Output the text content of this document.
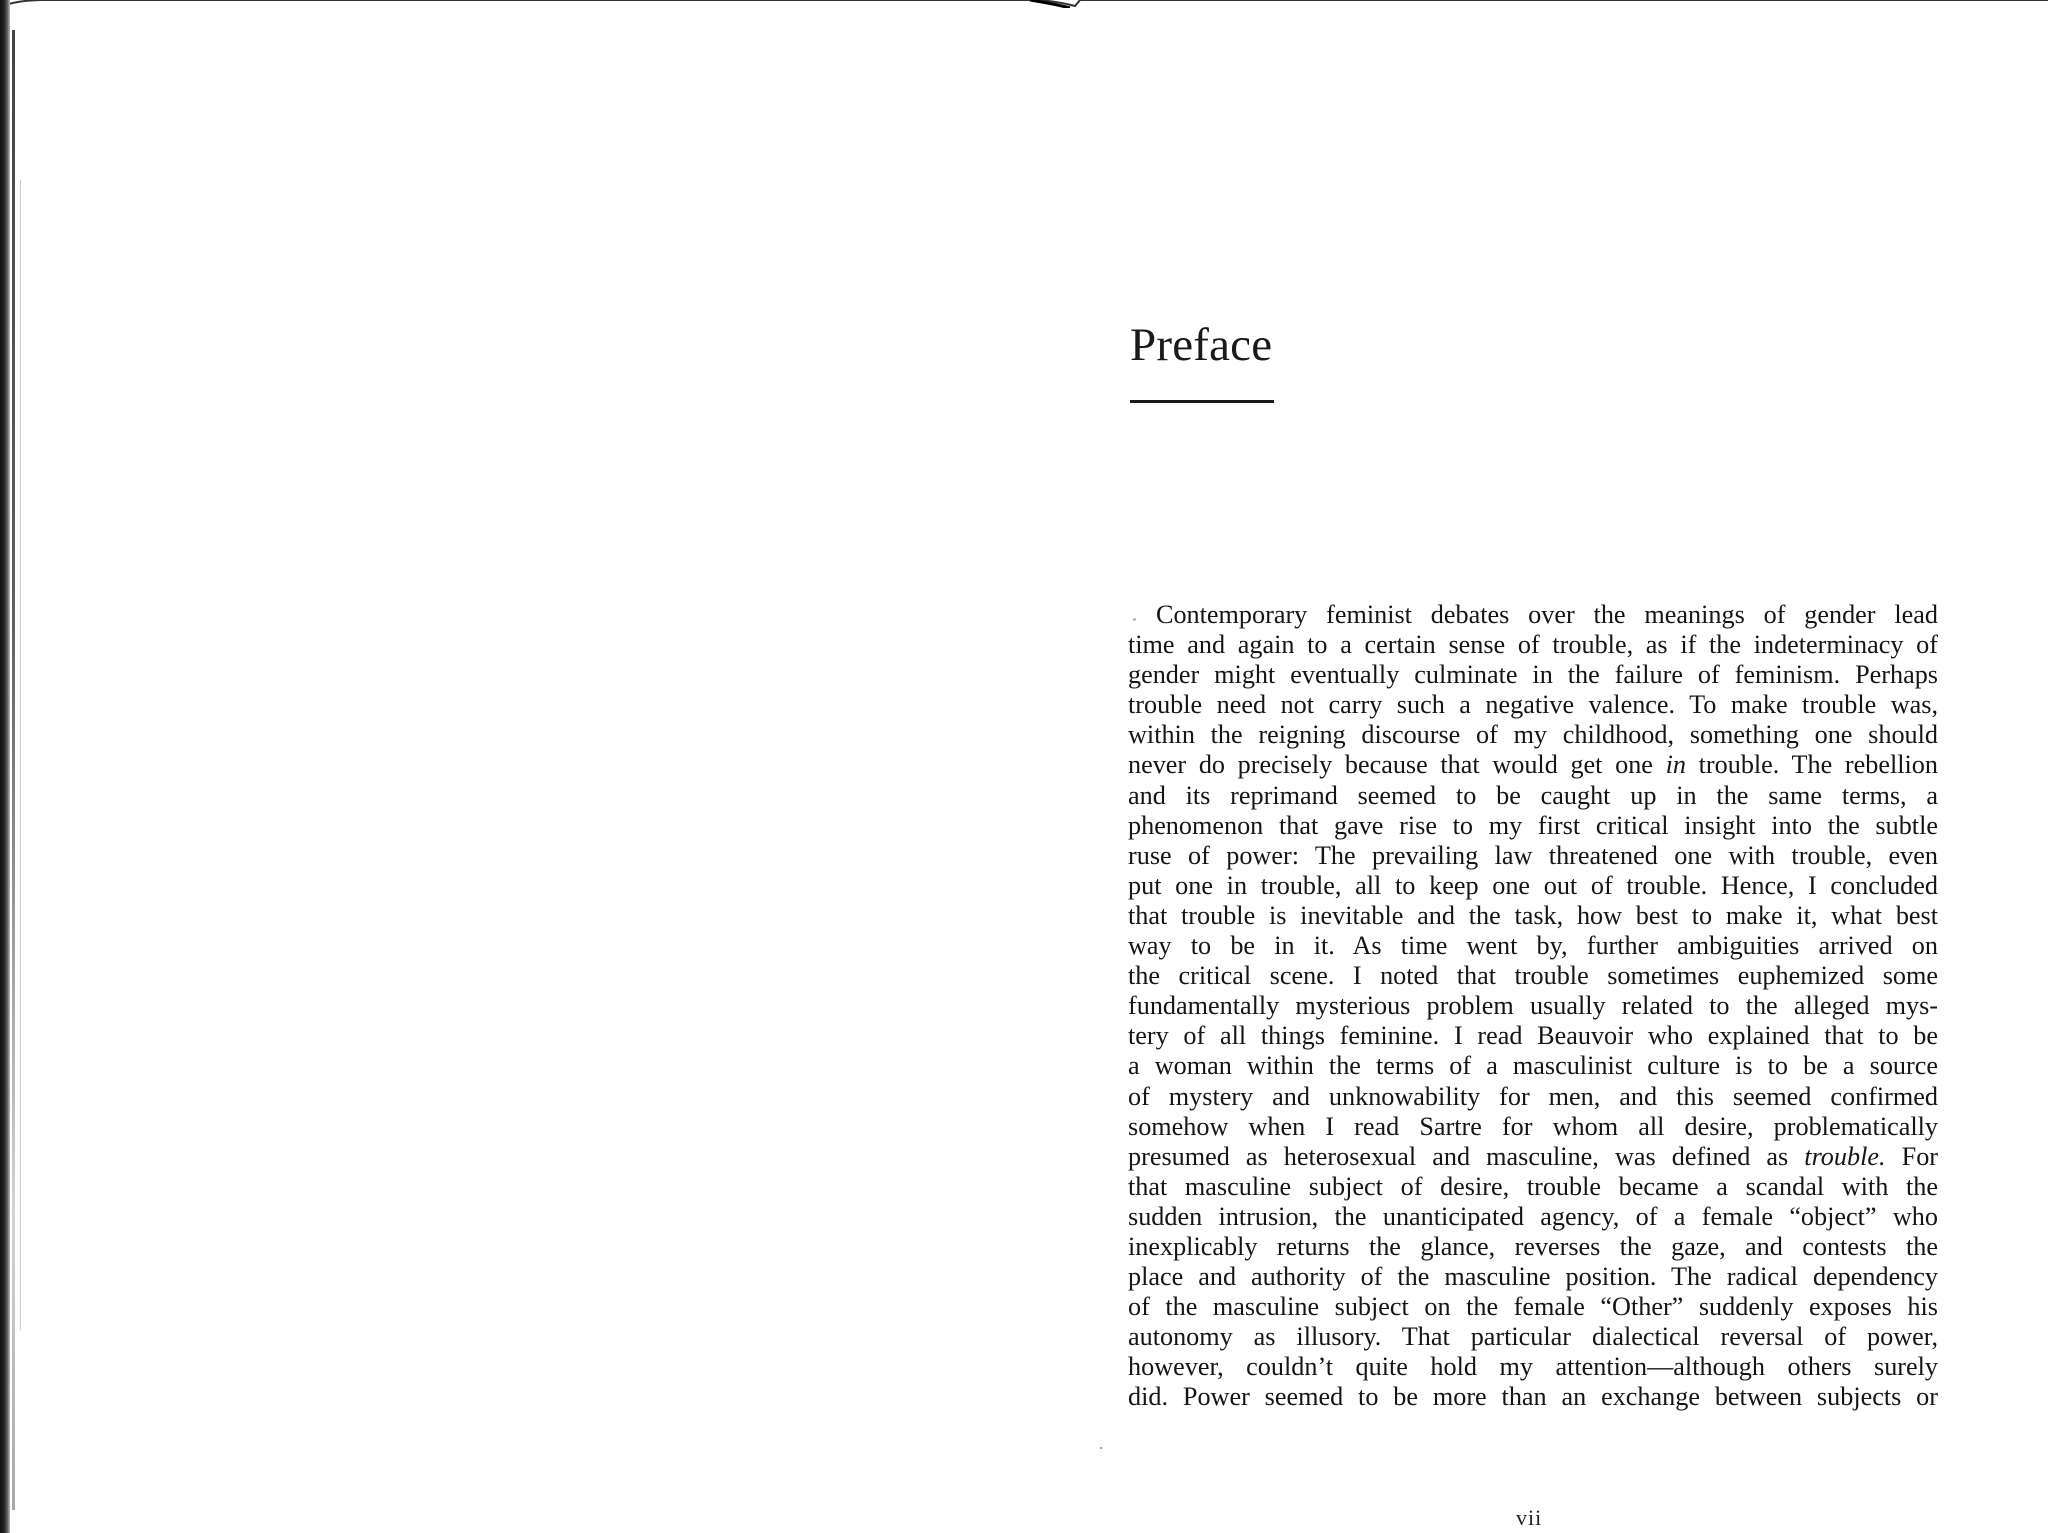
Preface
Contemporary feminist debates over the meanings of gender lead
time and again to a certain sense of trouble, as if the indeterminacy of
gender might eventually culminate in the failure of feminism. Perhaps
trouble need not carry such a negative valence. To make trouble was,
within the reigning discourse of my childhood, something one should
never do precisely because that would get one in trouble. The rebellion
and its reprimand seemed to be caught up in the same terms, a
phenomenon that gave rise to my first critical insight into the subtle
ruse of power: The prevailing law threatened one with trouble, even
put one in trouble, all to keep one out of trouble. Hence, I concluded
that trouble is inevitable and the task, how best to make it, what best
way to be in it. As time went by, further ambiguities arrived on
the critical scene. I noted that trouble sometimes euphemized some
fundamentally mysterious problem usually related to the alleged mys-
tery of all things feminine. I read Beauvoir who explained that to be
a woman within the terms of a masculinist culture is to be a source
of mystery and unknowability for men, and this seemed confirmed
somehow when I read Sartre for whom all desire, problematically
presumed as heterosexual and masculine, was defined as trouble. For
that masculine subject of desire, trouble became a scandal with the
sudden intrusion, the unanticipated agency, of a female “object” who
inexplicably returns the glance, reverses the gaze, and contests the
place and authority of the masculine position. The radical dependency
of the masculine subject on the female “Other” suddenly exposes his
autonomy as illusory. That particular dialectical reversal of power,
however, couldn’t quite hold my attention—although others surely
did. Power seemed to be more than an exchange between subjects or
vii
